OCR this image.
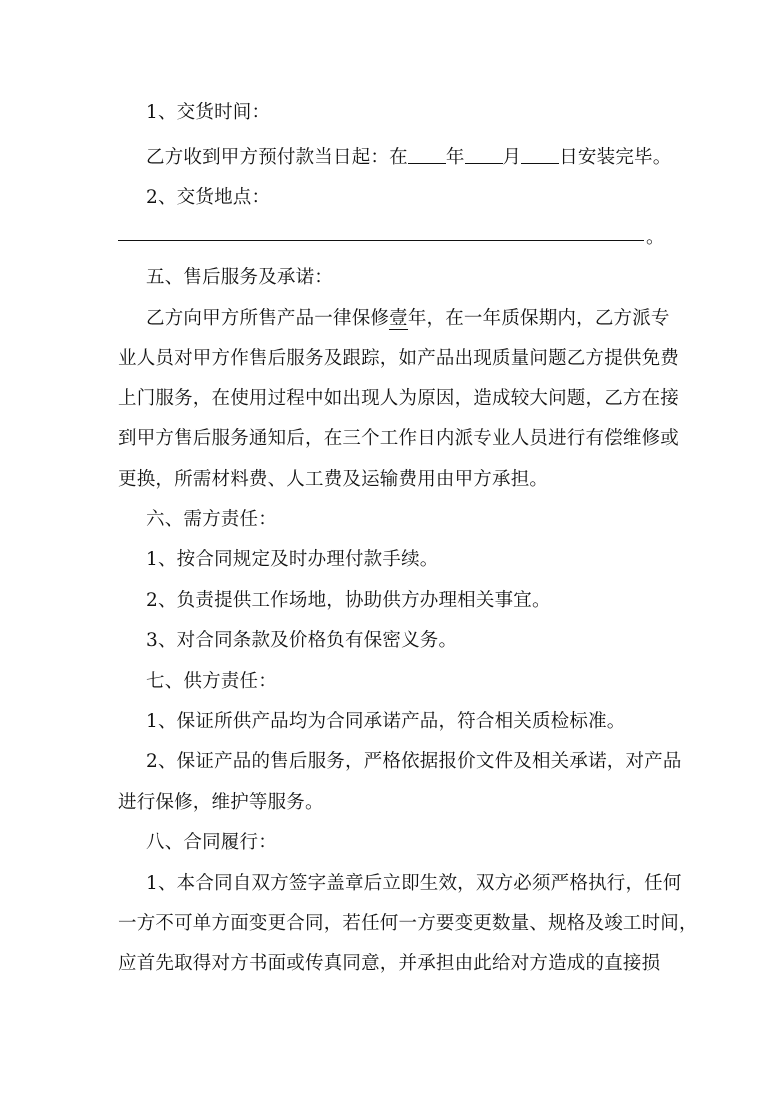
1、交货时间：
乙方收到甲方预付款当日起：在 年 月 日安装完毕。
2、交货地点：
。
五、售后服务及承诺：
乙方向甲方所售产品一律保修壹年，在一年质保期内，乙方派专
业人员对甲方作售后服务及跟踪，如产品出现质量问题乙方提供免费
上门服务，在使用过程中如出现人为原因，造成较大问题，乙方在接
到甲方售后服务通知后，在三个工作日内派专业人员进行有偿维修或
更换，所需材料费、人工费及运输费用由甲方承担。
六、需方责任：
1、按合同规定及时办理付款手续。
2、负责提供工作场地，协助供方办理相关事宜。
3、对合同条款及价格负有保密义务。
七、供方责任：
1、保证所供产品均为合同承诺产品，符合相关质检标准。
2、保证产品的售后服务，严格依据报价文件及相关承诺，对产品
进行保修，维护等服务。
八、合同履行：
1、本合同自双方签字盖章后立即生效，双方必须严格执行，任何
一方不可单方面变更合同，若任何一方要变更数量、规格及竣工时间，
应首先取得对方书面或传真同意，并承担由此给对方造成的直接损
